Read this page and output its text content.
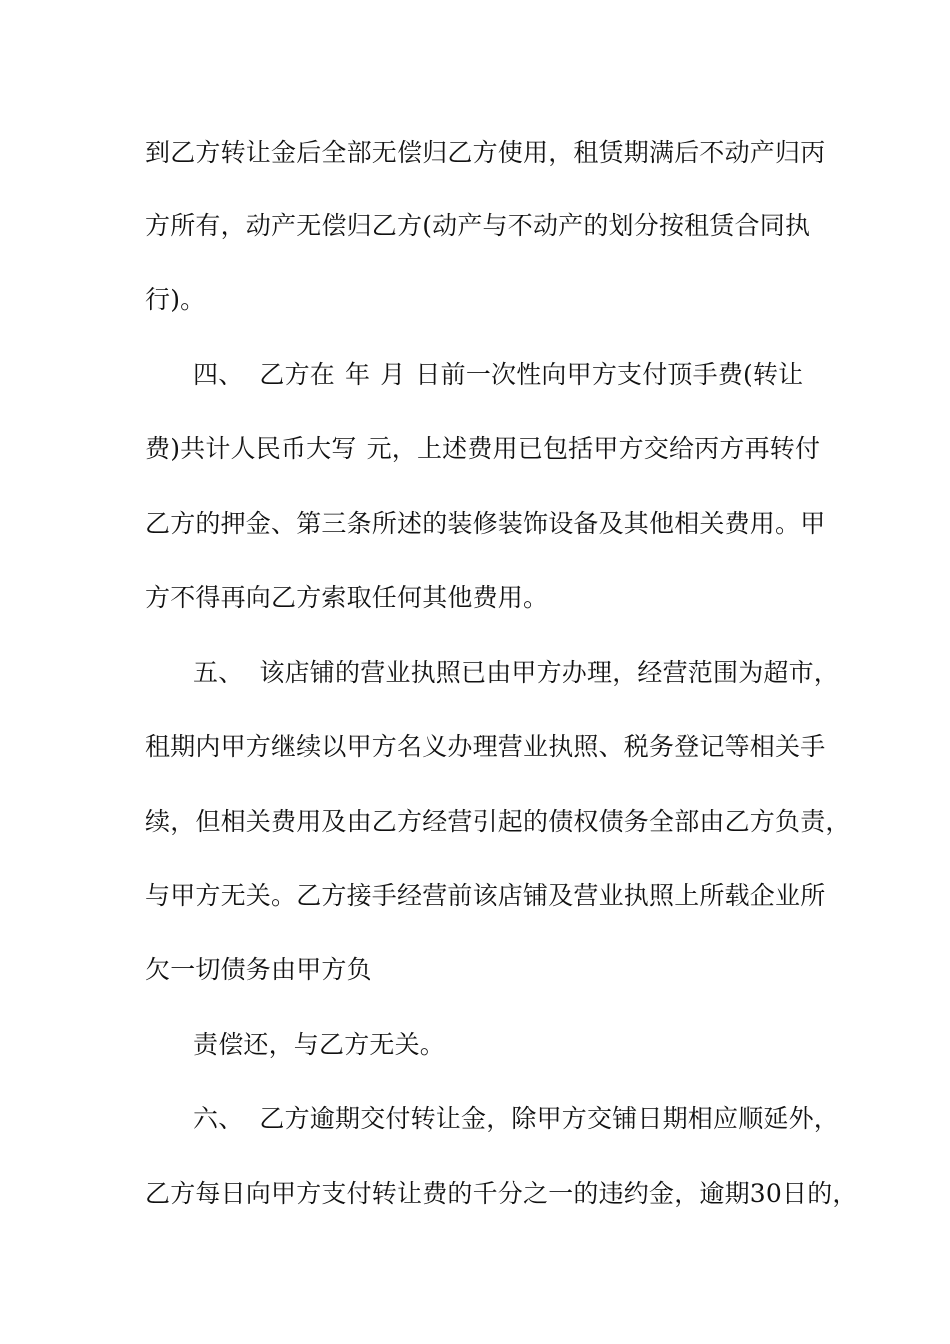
到乙方转让金后全部无偿归乙方使用，租赁期满后不动产归丙
方所有，动产无偿归乙方(动产与不动产的划分按租赁合同执
行)。
四、 乙方在 年 月 日前一次性向甲方支付顶手费(转让
费)共计人民币大写 元，上述费用已包括甲方交给丙方再转付
乙方的押金、第三条所述的装修装饰设备及其他相关费用。甲
方不得再向乙方索取任何其他费用。
五、 该店铺的营业执照已由甲方办理，经营范围为超市，
租期内甲方继续以甲方名义办理营业执照、税务登记等相关手
续，但相关费用及由乙方经营引起的债权债务全部由乙方负责，
与甲方无关。乙方接手经营前该店铺及营业执照上所载企业所
欠一切债务由甲方负
责偿还，与乙方无关。
六、 乙方逾期交付转让金，除甲方交铺日期相应顺延外，
乙方每日向甲方支付转让费的千分之一的违约金，逾期30日的，
